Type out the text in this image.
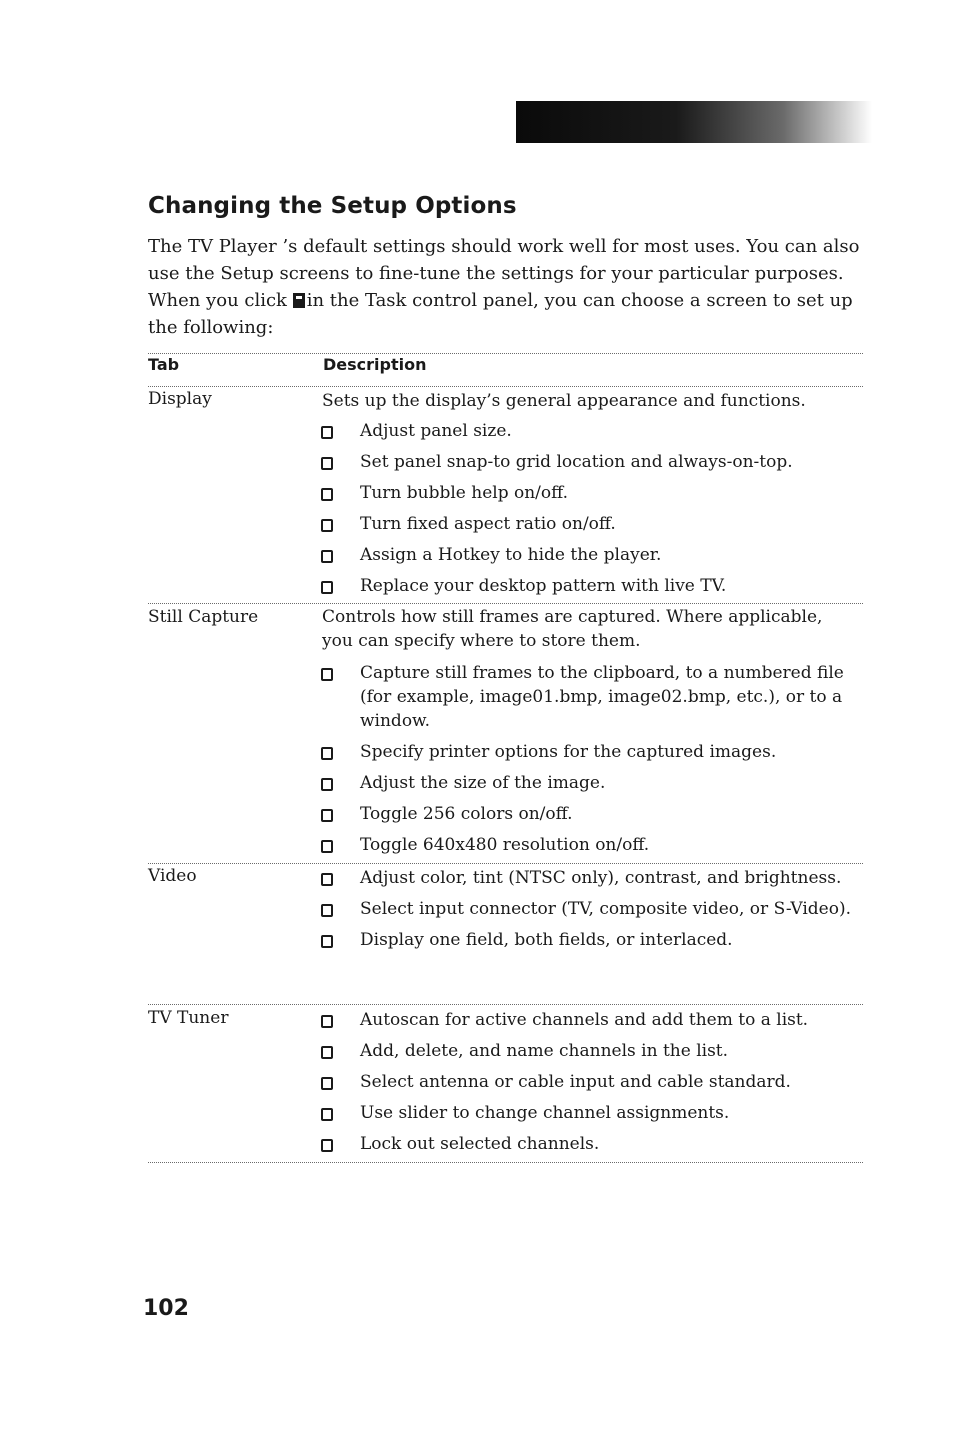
Changing the Setup Options

The TV Player ’s default settings should work well for most uses. You can also use the Setup screens to fine-tune the settings for your particular purposes. When you click in the Task control panel, you can choose a screen to set up the following:

Tab	Description
Display	Sets up the display’s general appearance and functions.
Adjust panel size.
Set panel snap-to grid location and always-on-top.
Turn bubble help on/off.
Turn fixed aspect ratio on/off.
Assign a Hotkey to hide the player.
Replace your desktop pattern with live TV.
Still Capture	Controls how still frames are captured. Where applicable, you can specify where to store them.
Capture still frames to the clipboard, to a numbered file (for example, image01.bmp, image02.bmp, etc.), or to a window.
Specify printer options for the captured images.
Adjust the size of the image.
Toggle 256 colors on/off.
Toggle 640x480 resolution on/off.
Video	Adjust color, tint (NTSC only), contrast, and brightness.
Select input connector (TV, composite video, or S-Video).
Display one field, both fields, or interlaced.
TV Tuner	Autoscan for active channels and add them to a list.
Add, delete, and name channels in the list.
Select antenna or cable input and cable standard.
Use slider to change channel assignments.
Lock out selected channels.
102
